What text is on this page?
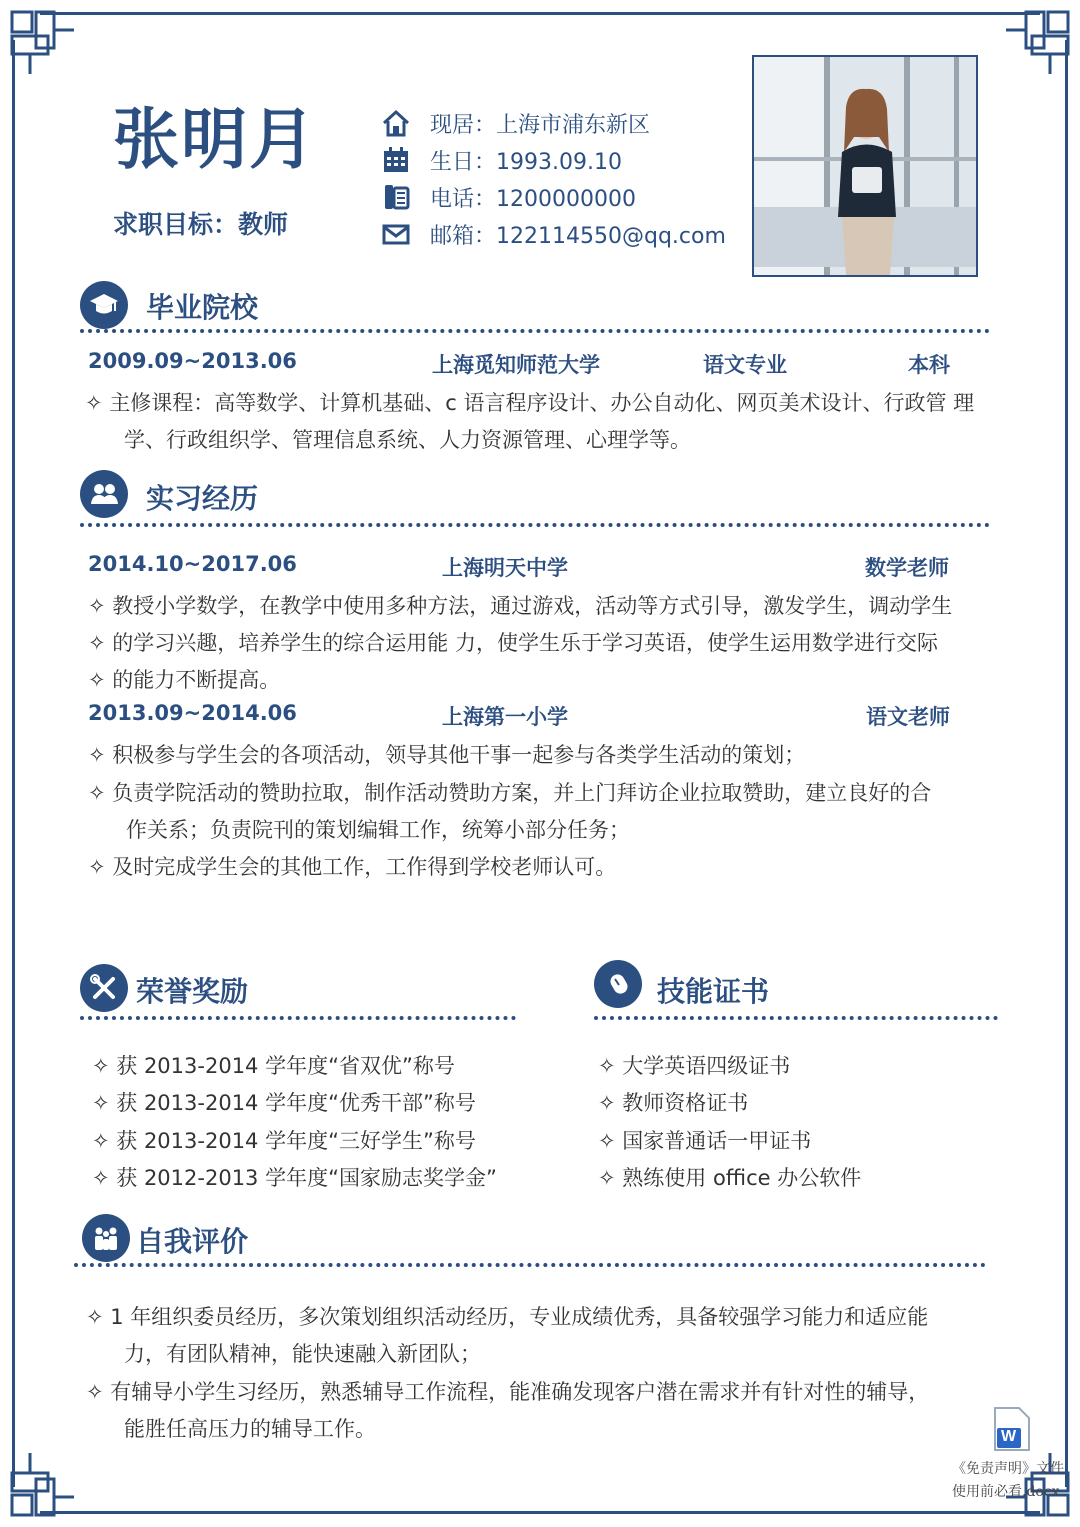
张明月
求职目标：教师
现居：上海市浦东新区
生日：1993.09.10
电话：1200000000
邮箱：122114550@qq.com
毕业院校
2009.09~2013.06	上海觅知师范大学	语文专业	本科
✧ 主修课程：高等数学、计算机基础、c 语言程序设计、办公自动化、网页美术设计、行政管 理
学、行政组织学、管理信息系统、人力资源管理、心理学等。
实习经历
2014.10~2017.06	上海明天中学	数学老师
✧ 教授小学数学，在教学中使用多种方法，通过游戏，活动等方式引导，激发学生，调动学生
✧ 的学习兴趣，培养学生的综合运用能 力，使学生乐于学习英语，使学生运用数学进行交际
✧ 的能力不断提高。
2013.09~2014.06	上海第一小学	语文老师
✧ 积极参与学生会的各项活动，领导其他干事一起参与各类学生活动的策划；
✧ 负责学院活动的赞助拉取，制作活动赞助方案，并上门拜访企业拉取赞助，建立良好的合
作关系；负责院刊的策划编辑工作，统筹小部分任务；
✧ 及时完成学生会的其他工作，工作得到学校老师认可。
荣誉奖励
✧ 获 2013-2014 学年度“省双优”称号
✧ 获 2013-2014 学年度“优秀干部”称号
✧ 获 2013-2014 学年度“三好学生”称号
✧ 获 2012-2013 学年度“国家励志奖学金”
技能证书
✧ 大学英语四级证书
✧ 教师资格证书
✧ 国家普通话一甲证书
✧ 熟练使用 office 办公软件
自我评价
✧ 1 年组织委员经历，多次策划组织活动经历，专业成绩优秀，具备较强学习能力和适应能
力，有团队精神，能快速融入新团队；
✧ 有辅导小学生习经历，熟悉辅导工作流程，能准确发现客户潜在需求并有针对性的辅导，
能胜任高压力的辅导工作。	W
《免责声明》文件
使用前必看.docx
